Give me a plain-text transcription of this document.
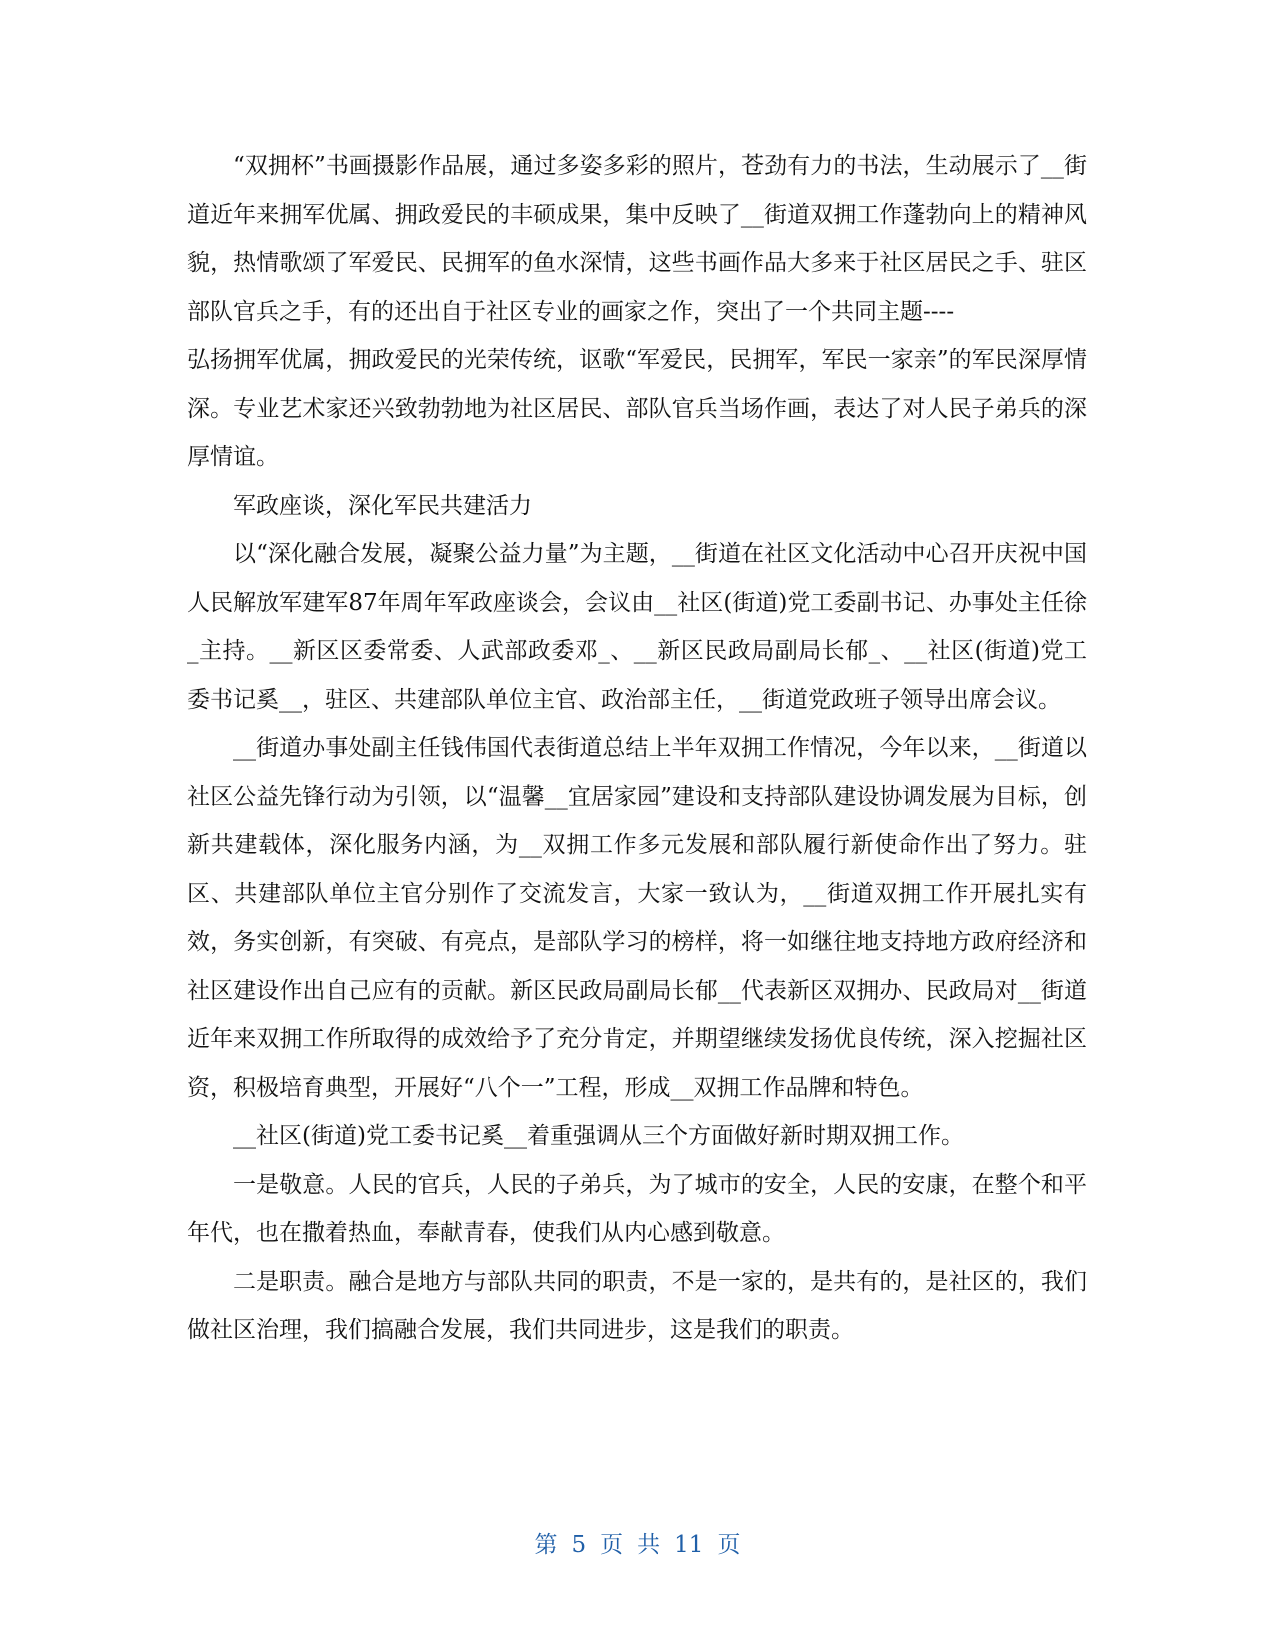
“双拥杯”书画摄影作品展，通过多姿多彩的照片，苍劲有力的书法，生动展示了__街道近年来拥军优属、拥政爱民的丰硕成果，集中反映了__街道双拥工作蓬勃向上的精神风貌，热情歌颂了军爱民、民拥军的鱼水深情，这些书画作品大多来于社区居民之手、驻区部队官兵之手，有的还出自于社区专业的画家之作，突出了一个共同主题----

弘扬拥军优属，拥政爱民的光荣传统，讴歌“军爱民，民拥军，军民一家亲”的军民深厚情深。专业艺术家还兴致勃勃地为社区居民、部队官兵当场作画，表达了对人民子弟兵的深厚情谊。

军政座谈，深化军民共建活力

以“深化融合发展，凝聚公益力量”为主题，__街道在社区文化活动中心召开庆祝中国人民解放军建军87年周年军政座谈会，会议由__社区(街道)党工委副书记、办事处主任徐_主持。__新区区委常委、人武部政委邓_、__新区民政局副局长郁_、__社区(街道)党工委书记奚__，驻区、共建部队单位主官、政治部主任，__街道党政班子领导出席会议。

__街道办事处副主任钱伟国代表街道总结上半年双拥工作情况，今年以来，__街道以社区公益先锋行动为引领，以“温馨__宜居家园”建设和支持部队建设协调发展为目标，创新共建载体，深化服务内涵，为__双拥工作多元发展和部队履行新使命作出了努力。驻区、共建部队单位主官分别作了交流发言，大家一致认为，__街道双拥工作开展扎实有效，务实创新，有突破、有亮点，是部队学习的榜样，将一如继往地支持地方政府经济和社区建设作出自己应有的贡献。新区民政局副局长郁__代表新区双拥办、民政局对__街道近年来双拥工作所取得的成效给予了充分肯定，并期望继续发扬优良传统，深入挖掘社区资，积极培育典型，开展好“八个一”工程，形成__双拥工作品牌和特色。

__社区(街道)党工委书记奚__着重强调从三个方面做好新时期双拥工作。

一是敬意。人民的官兵，人民的子弟兵，为了城市的安全，人民的安康，在整个和平年代，也在撒着热血，奉献青春，使我们从内心感到敬意。

二是职责。融合是地方与部队共同的职责，不是一家的，是共有的，是社区的，我们做社区治理，我们搞融合发展，我们共同进步，这是我们的职责。

第 5 页 共 11 页
